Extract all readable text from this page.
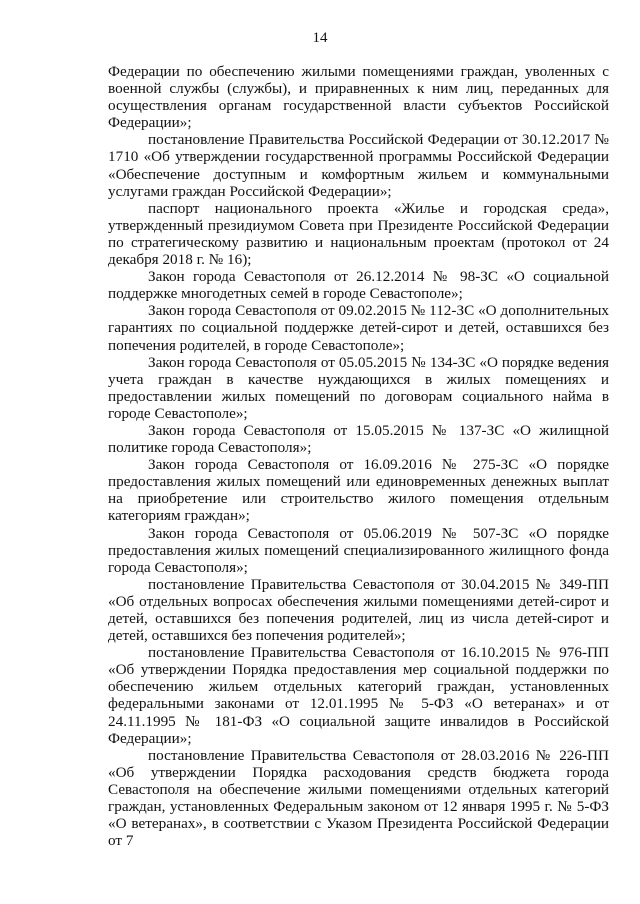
14

Федерации по обеспечению жилыми помещениями граждан, уволенных с военной службы (службы), и приравненных к ним лиц, переданных для осуществления органам государственной власти субъектов Российской Федерации»;

постановление Правительства Российской Федерации от 30.12.2017 № 1710 «Об утверждении государственной программы Российской Федерации «Обеспечение доступным и комфортным жильем и коммунальными услугами граждан Российской Федерации»;

паспорт национального проекта «Жилье и городская среда», утвержденный президиумом Совета при Президенте Российской Федерации по стратегическому развитию и национальным проектам (протокол от 24 декабря 2018 г. № 16);

Закон города Севастополя от 26.12.2014 № 98-ЗС «О социальной поддержке многодетных семей в городе Севастополе»;

Закон города Севастополя от 09.02.2015 № 112-ЗС «О дополнительных гарантиях по социальной поддержке детей-сирот и детей, оставшихся без попечения родителей, в городе Севастополе»;

Закон города Севастополя от 05.05.2015 № 134-ЗС «О порядке ведения учета граждан в качестве нуждающихся в жилых помещениях и предоставлении жилых помещений по договорам социального найма в городе Севастополе»;

Закон города Севастополя от 15.05.2015 № 137-ЗС «О жилищной политике города Севастополя»;

Закон города Севастополя от 16.09.2016 № 275-ЗС «О порядке предоставления жилых помещений или единовременных денежных выплат на приобретение или строительство жилого помещения отдельным категориям граждан»;

Закон города Севастополя от 05.06.2019 № 507-ЗС «О порядке предоставления жилых помещений специализированного жилищного фонда города Севастополя»;

постановление Правительства Севастополя от 30.04.2015 № 349-ПП «Об отдельных вопросах обеспечения жилыми помещениями детей-сирот и детей, оставшихся без попечения родителей, лиц из числа детей-сирот и детей, оставшихся без попечения родителей»;

постановление Правительства Севастополя от 16.10.2015 № 976-ПП «Об утверждении Порядка предоставления мер социальной поддержки по обеспечению жильем отдельных категорий граждан, установленных федеральными законами от 12.01.1995 № 5-ФЗ «О ветеранах» и от 24.11.1995 № 181-ФЗ «О социальной защите инвалидов в Российской Федерации»;

постановление Правительства Севастополя от 28.03.2016 № 226-ПП «Об утверждении Порядка расходования средств бюджета города Севастополя на обеспечение жилыми помещениями отдельных категорий граждан, установленных Федеральным законом от 12 января 1995 г. № 5-ФЗ «О ветеранах», в соответствии с Указом Президента Российской Федерации от 7
